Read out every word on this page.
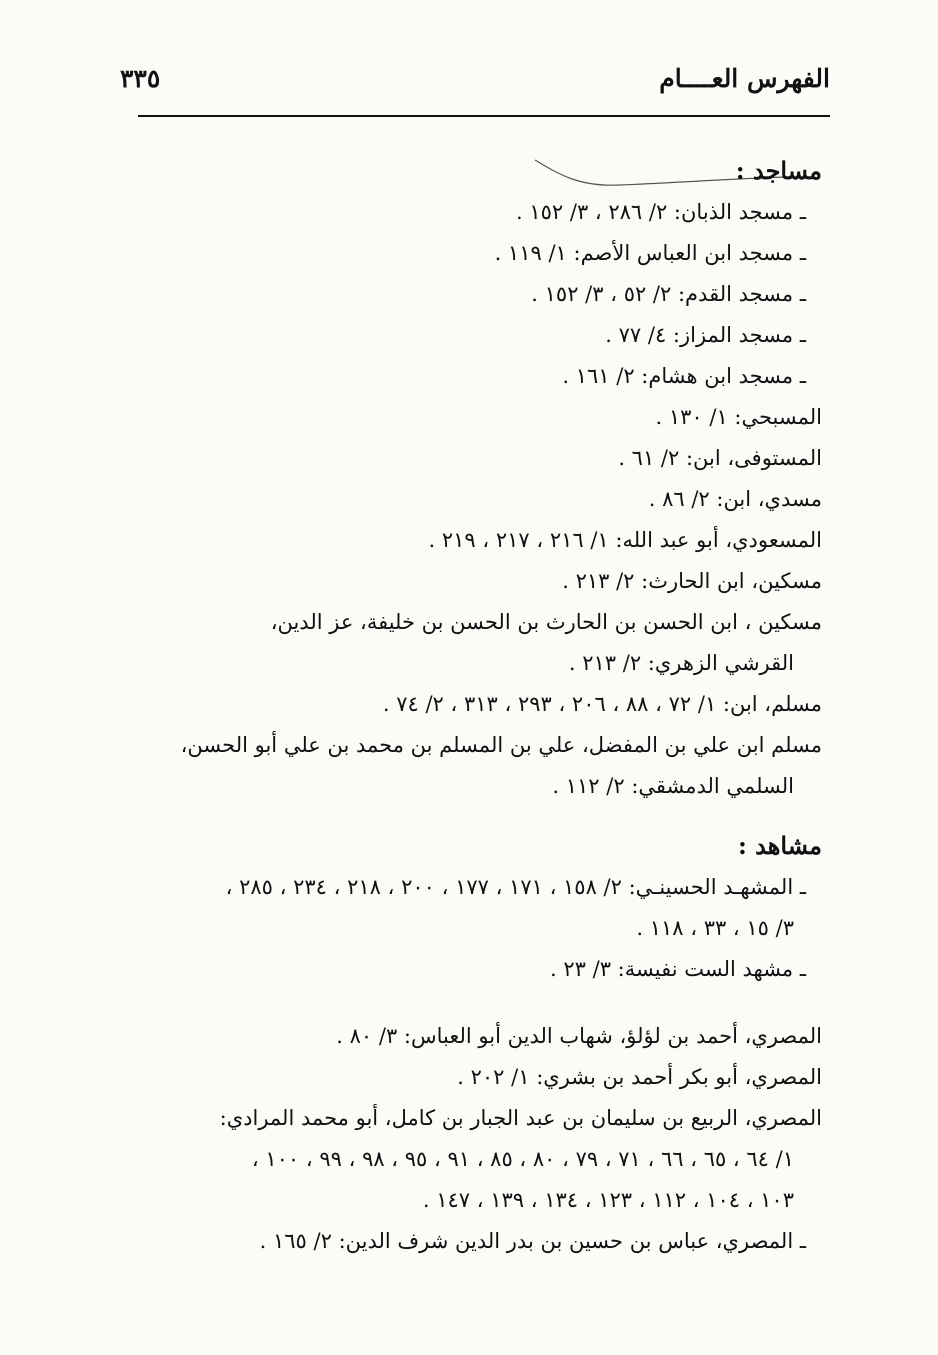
الفهرس العــــام
٣٣٥
مساجد :
ـ مسجد الذبان: ٢/ ٢٨٦ ، ٣/ ١٥٢ .
ـ مسجد ابن العباس الأصم: ١/ ١١٩ .
ـ مسجد القدم: ٢/ ٥٢ ، ٣/ ١٥٢ .
ـ مسجد المزاز: ٤/ ٧٧ .
ـ مسجد ابن هشام: ٢/ ١٦١ .
المسبحي: ١/ ١٣٠ .
المستوفى، ابن: ٢/ ٦١ .
مسدي، ابن: ٢/ ٨٦ .
المسعودي، أبو عبد الله: ١/ ٢١٦ ، ٢١٧ ، ٢١٩ .
مسكين، ابن الحارث: ٢/ ٢١٣ .
مسكين ، ابن الحسن بن الحارث بن الحسن بن خليفة، عز الدين،
القرشي الزهري: ٢/ ٢١٣ .
مسلم، ابن: ١/ ٧٢ ، ٨٨ ، ٢٠٦ ، ٢٩٣ ، ٣١٣ ، ٢/ ٧٤ .
مسلم ابن علي بن المفضل، علي بن المسلم بن محمد بن علي أبو الحسن،
السلمي الدمشقي: ٢/ ١١٢ .
مشاهد :
ـ المشهـد الحسينـي: ٢/ ١٥٨ ، ١٧١ ، ١٧٧ ، ٢٠٠ ، ٢١٨ ، ٢٣٤ ، ٢٨٥ ،
٣/ ١٥ ، ٣٣ ، ١١٨ .
ـ مشهد الست نفيسة: ٣/ ٢٣ .
المصري، أحمد بن لؤلؤ، شهاب الدين أبو العباس: ٣/ ٨٠ .
المصري، أبو بكر أحمد بن بشري: ١/ ٢٠٢ .
المصري، الربيع بن سليمان بن عبد الجبار بن كامل، أبو محمد المرادي:
١/ ٦٤ ، ٦٥ ، ٦٦ ، ٧١ ، ٧٩ ، ٨٠ ، ٨٥ ، ٩١ ، ٩٥ ، ٩٨ ، ٩٩ ، ١٠٠ ،
١٠٣ ، ١٠٤ ، ١١٢ ، ١٢٣ ، ١٣٤ ، ١٣٩ ، ١٤٧ .
ـ المصري، عباس بن حسين بن بدر الدين شرف الدين: ٢/ ١٦٥ .
